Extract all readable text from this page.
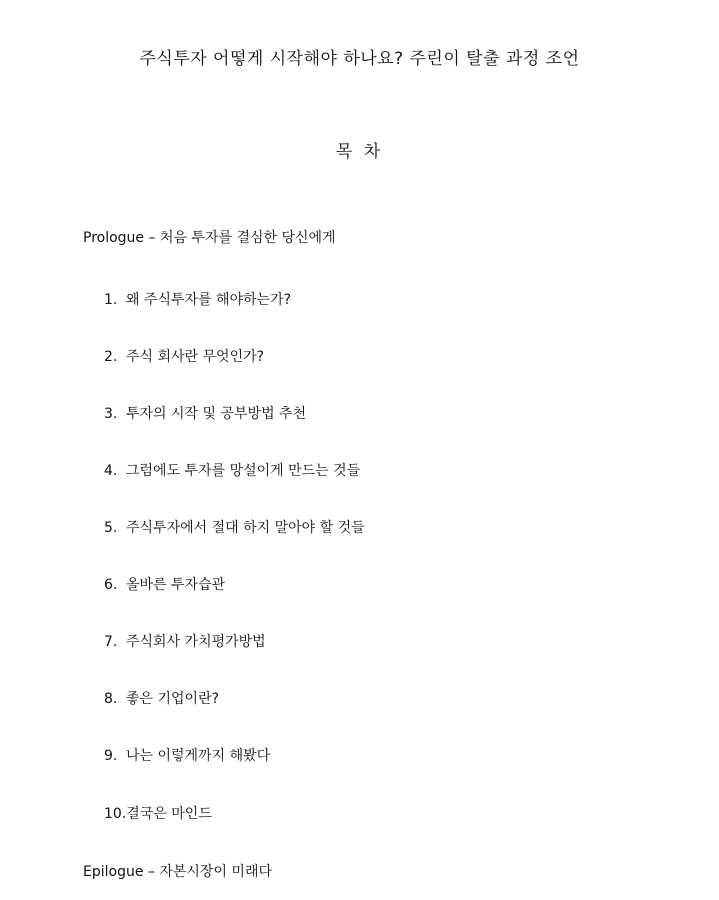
주식투자 어떻게 시작해야 하나요? 주린이 탈출 과정 조언
목 차
Prologue – 처음 투자를 결심한 당신에게
1. 왜 주식투자를 해야하는가?
2. 주식 회사란 무엇인가?
3. 투자의 시작 및 공부방법 추천
4. 그럼에도 투자를 망설이게 만드는 것들
5. 주식투자에서 절대 하지 말아야 할 것들
6. 올바른 투자습관
7. 주식회사 가치평가방법
8. 좋은 기업이란?
9. 나는 이렇게까지 해봤다
10.결국은 마인드
Epilogue – 자본시장이 미래다
